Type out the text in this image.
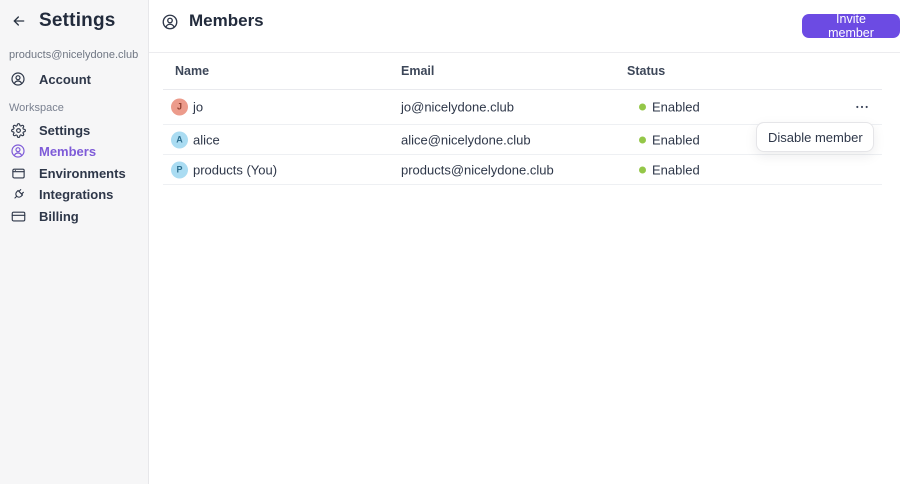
Settings
products@nicelydone.club
Account
Workspace
Settings
Members
Environments
Integrations
Billing
Members	Invite member
Name	Email	Status
J jo	jo@nicelydone.club	Enabled
A alice	alice@nicelydone.club	Enabled
P products (You)	products@nicelydone.club	Enabled
Disable member
